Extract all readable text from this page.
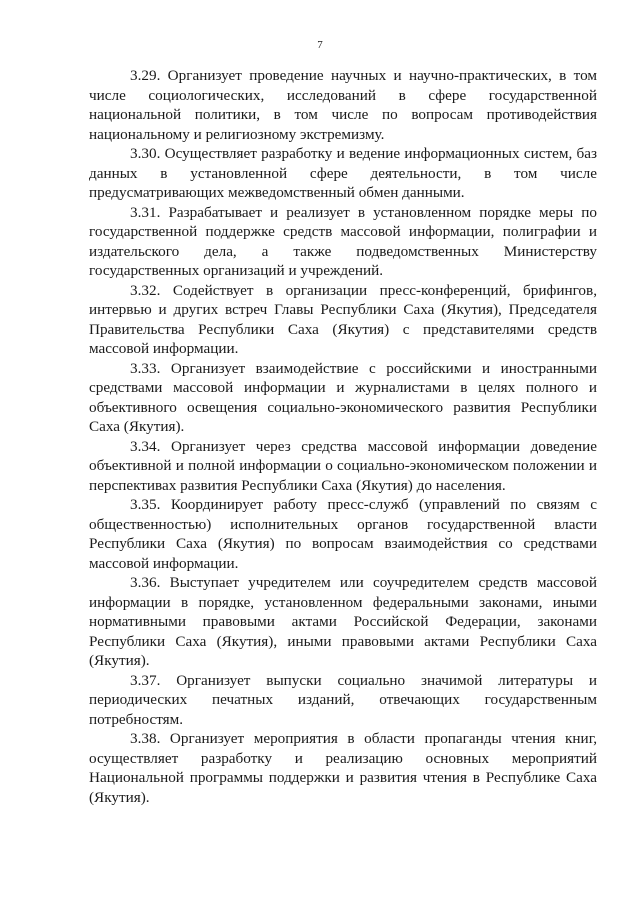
7

3.29. Организует проведение научных и научно-практических, в том числе социологических, исследований в сфере государственной национальной политики, в том числе по вопросам противодействия национальному и религиозному экстремизму.

3.30. Осуществляет разработку и ведение информационных систем, баз данных в установленной сфере деятельности, в том числе предусматривающих межведомственный обмен данными.

3.31. Разрабатывает и реализует в установленном порядке меры по государственной поддержке средств массовой информации, полиграфии и издательского дела, а также подведомственных Министерству государственных организаций и учреждений.

3.32. Содействует в организации пресс-конференций, брифингов, интервью и других встреч Главы Республики Саха (Якутия), Председателя Правительства Республики Саха (Якутия) с представителями средств массовой информации.

3.33. Организует взаимодействие с российскими и иностранными средствами массовой информации и журналистами в целях полного и объективного освещения социально-экономического развития Республики Саха (Якутия).

3.34. Организует через средства массовой информации доведение объективной и полной информации о социально-экономическом положении и перспективах развития Республики Саха (Якутия) до населения.

3.35. Координирует работу пресс-служб (управлений по связям с общественностью) исполнительных органов государственной власти Республики Саха (Якутия) по вопросам взаимодействия со средствами массовой информации.

3.36. Выступает учредителем или соучредителем средств массовой информации в порядке, установленном федеральными законами, иными нормативными правовыми актами Российской Федерации, законами Республики Саха (Якутия), иными правовыми актами Республики Саха (Якутия).

3.37. Организует выпуски социально значимой литературы и периодических печатных изданий, отвечающих государственным потребностям.

3.38. Организует мероприятия в области пропаганды чтения книг, осуществляет разработку и реализацию основных мероприятий Национальной программы поддержки и развития чтения в Республике Саха (Якутия).
